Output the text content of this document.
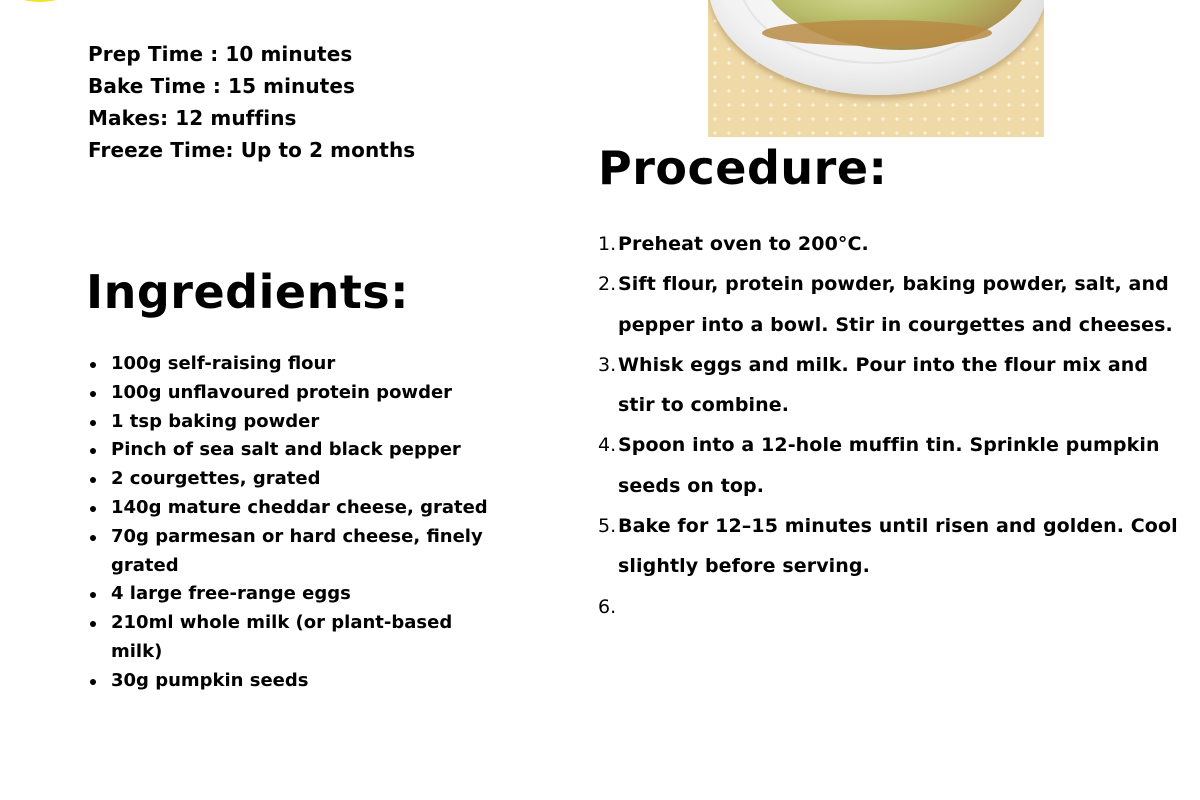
Prep Time : 10 minutes
Bake Time : 15 minutes
Makes: 12 muffins
Freeze Time: Up to 2 months
Ingredients:
100g self-raising flour
100g unflavoured protein powder
1 tsp baking powder
Pinch of sea salt and black pepper
2 courgettes, grated
140g mature cheddar cheese, grated
70g parmesan or hard cheese, finely grated
4 large free-range eggs
210ml whole milk (or plant-based milk)
30g pumpkin seeds
Procedure:
1. Preheat oven to 200°C.
2. Sift flour, protein powder, baking powder, salt, and pepper into a bowl. Stir in courgettes and cheeses.
3. Whisk eggs and milk. Pour into the flour mix and stir to combine.
4. Spoon into a 12-hole muffin tin. Sprinkle pumpkin seeds on top.
5. Bake for 12–15 minutes until risen and golden. Cool slightly before serving.
6.
